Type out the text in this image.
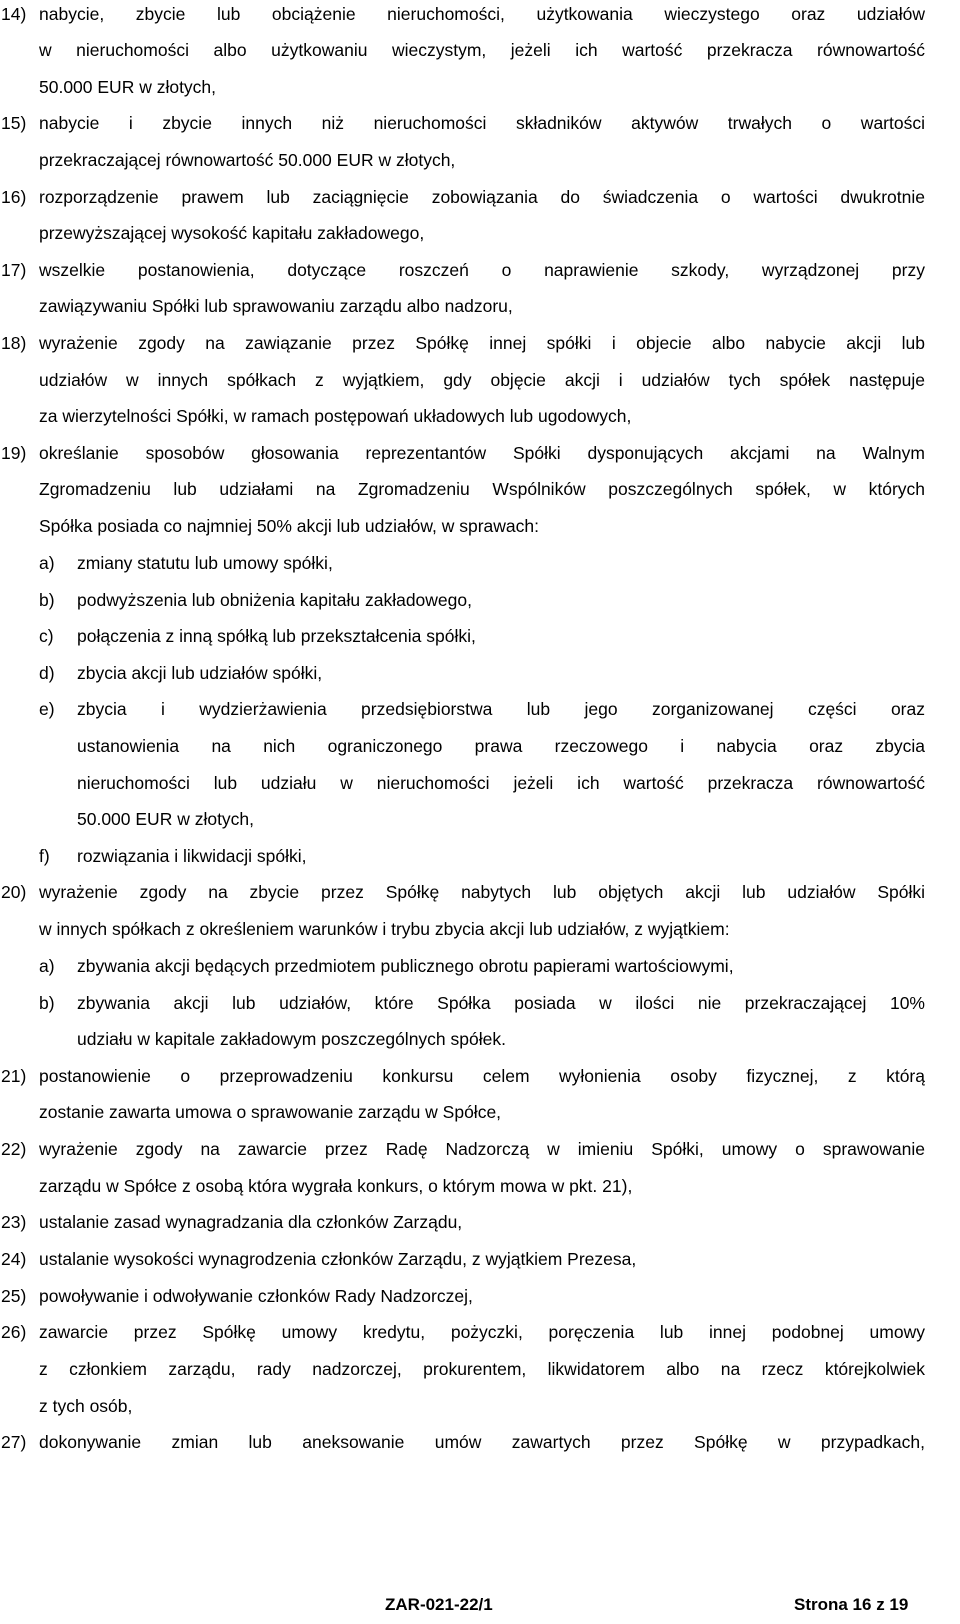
14) nabycie, zbycie lub obciążenie nieruchomości, użytkowania wieczystego oraz udziałów
w nieruchomości albo użytkowaniu wieczystym, jeżeli ich wartość przekracza równowartość
50.000 EUR w złotych,
15) nabycie i zbycie innych niż nieruchomości składników aktywów trwałych o wartości
przekraczającej równowartość 50.000 EUR w złotych,
16) rozporządzenie prawem lub zaciągnięcie zobowiązania do świadczenia o wartości dwukrotnie
przewyższającej wysokość kapitału zakładowego,
17) wszelkie postanowienia, dotyczące roszczeń o naprawienie szkody, wyrządzonej przy
zawiązywaniu Spółki lub sprawowaniu zarządu albo nadzoru,
18) wyrażenie zgody na zawiązanie przez Spółkę innej spółki i objecie albo nabycie akcji lub
udziałów w innych spółkach z wyjątkiem, gdy objęcie akcji i udziałów tych spółek następuje
za wierzytelności Spółki, w ramach postępowań układowych lub ugodowych,
19) określanie sposobów głosowania reprezentantów Spółki dysponujących akcjami na Walnym
Zgromadzeniu lub udziałami na Zgromadzeniu Wspólników poszczególnych spółek, w których
Spółka posiada co najmniej 50% akcji lub udziałów, w sprawach:
a) zmiany statutu lub umowy spółki,
b) podwyższenia lub obniżenia kapitału zakładowego,
c) połączenia z inną spółką lub przekształcenia spółki,
d) zbycia akcji lub udziałów spółki,
e) zbycia i wydzierżawienia przedsiębiorstwa lub jego zorganizowanej części oraz
ustanowienia na nich ograniczonego prawa rzeczowego i nabycia oraz zbycia
nieruchomości lub udziału w nieruchomości jeżeli ich wartość przekracza równowartość
50.000 EUR w złotych,
f) rozwiązania i likwidacji spółki,
20) wyrażenie zgody na zbycie przez Spółkę nabytych lub objętych akcji lub udziałów Spółki
w innych spółkach z określeniem warunków i trybu zbycia akcji lub udziałów, z wyjątkiem:
a) zbywania akcji będących przedmiotem publicznego obrotu papierami wartościowymi,
b) zbywania akcji lub udziałów, które Spółka posiada w ilości nie przekraczającej 10%
udziału w kapitale zakładowym poszczególnych spółek.
21) postanowienie o przeprowadzeniu konkursu celem wyłonienia osoby fizycznej, z którą
zostanie zawarta umowa o sprawowanie zarządu w Spółce,
22) wyrażenie zgody na zawarcie przez Radę Nadzorczą w imieniu Spółki, umowy o sprawowanie
zarządu w Spółce z osobą która wygrała konkurs, o którym mowa w pkt. 21),
23) ustalanie zasad wynagradzania dla członków Zarządu,
24) ustalanie wysokości wynagrodzenia członków Zarządu, z wyjątkiem Prezesa,
25) powoływanie i odwoływanie członków Rady Nadzorczej,
26) zawarcie przez Spółkę umowy kredytu, pożyczki, poręczenia lub innej podobnej umowy
z członkiem zarządu, rady nadzorczej, prokurentem, likwidatorem albo na rzecz którejkolwiek
z tych osób,
27) dokonywanie zmian lub aneksowanie umów zawartych przez Spółkę w przypadkach,
ZAR-021-22/1	Strona 16 z 19
